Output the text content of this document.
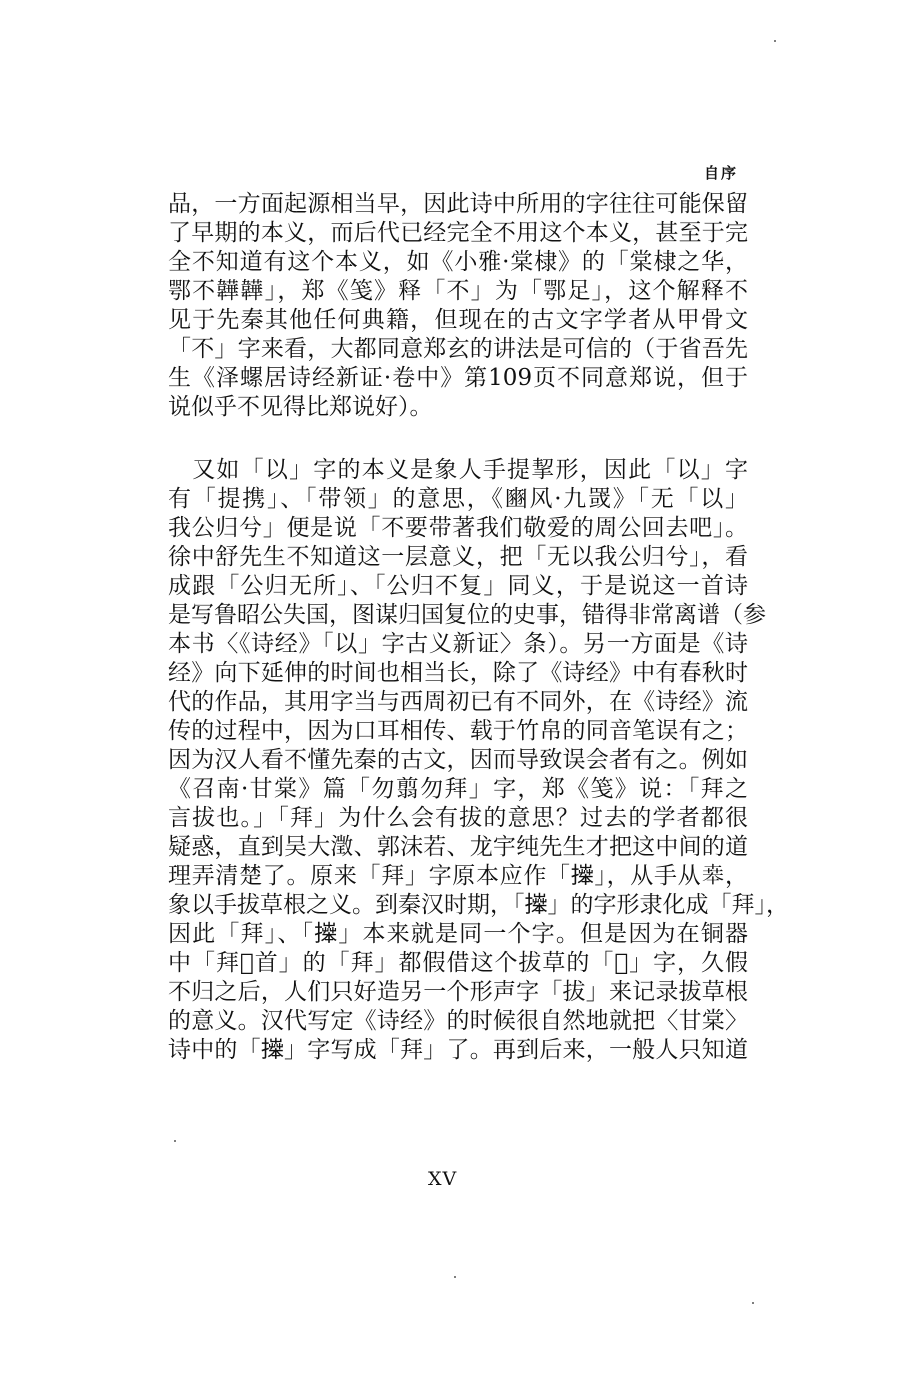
自序
品，一方面起源相当早，因此诗中所用的字往往可能保留
了早期的本义，而后代已经完全不用这个本义，甚至于完
全不知道有这个本义，如《小雅·棠棣》的「棠棣之华，
鄂不韡韡」，郑《笺》释「不」为「鄂足」，这个解释不
见于先秦其他任何典籍，但现在的古文字学者从甲骨文
「不」字来看，大都同意郑玄的讲法是可信的（于省吾先
生《泽螺居诗经新证·卷中》第109页不同意郑说，但于
说似乎不见得比郑说好）。
　又如「以」字的本义是象人手提挈形，因此「以」字
有「提携」、「带领」的意思，《豳风·九罭》「无「以」
我公归兮」便是说「不要带著我们敬爱的周公回去吧」。
徐中舒先生不知道这一层意义，把「无以我公归兮」，看
成跟「公归无所」、「公归不复」同义，于是说这一首诗
是写鲁昭公失国，图谋归国复位的史事，错得非常离谱（参
本书〈《诗经》「以」字古义新证〉条）。另一方面是《诗
经》向下延伸的时间也相当长，除了《诗经》中有春秋时
代的作品，其用字当与西周初已有不同外，在《诗经》流
传的过程中，因为口耳相传、载于竹帛的同音笔误有之；
因为汉人看不懂先秦的古文，因而导致误会者有之。例如
《召南·甘棠》篇「勿翦勿拜」字，郑《笺》说：「拜之
言拔也。」「拜」为什么会有拔的意思？过去的学者都很
疑惑，直到吴大澂、郭沫若、龙宇纯先生才把这中间的道
理弄清楚了。原来「拜」字原本应作「𢷎」，从手从𠦪，
象以手拔草根之义。到秦汉时期，「𢷎」的字形隶化成「拜」，
因此「拜」、「𢷎」本来就是同一个字。但是因为在铜器
中「拜𩒨首」的「拜」都假借这个拔草的「𢷎」字，久假
不归之后，人们只好造另一个形声字「拔」来记录拔草根
的意义。汉代写定《诗经》的时候很自然地就把〈甘棠〉
诗中的「𢷎」字写成「拜」了。再到后来，一般人只知道
XV
